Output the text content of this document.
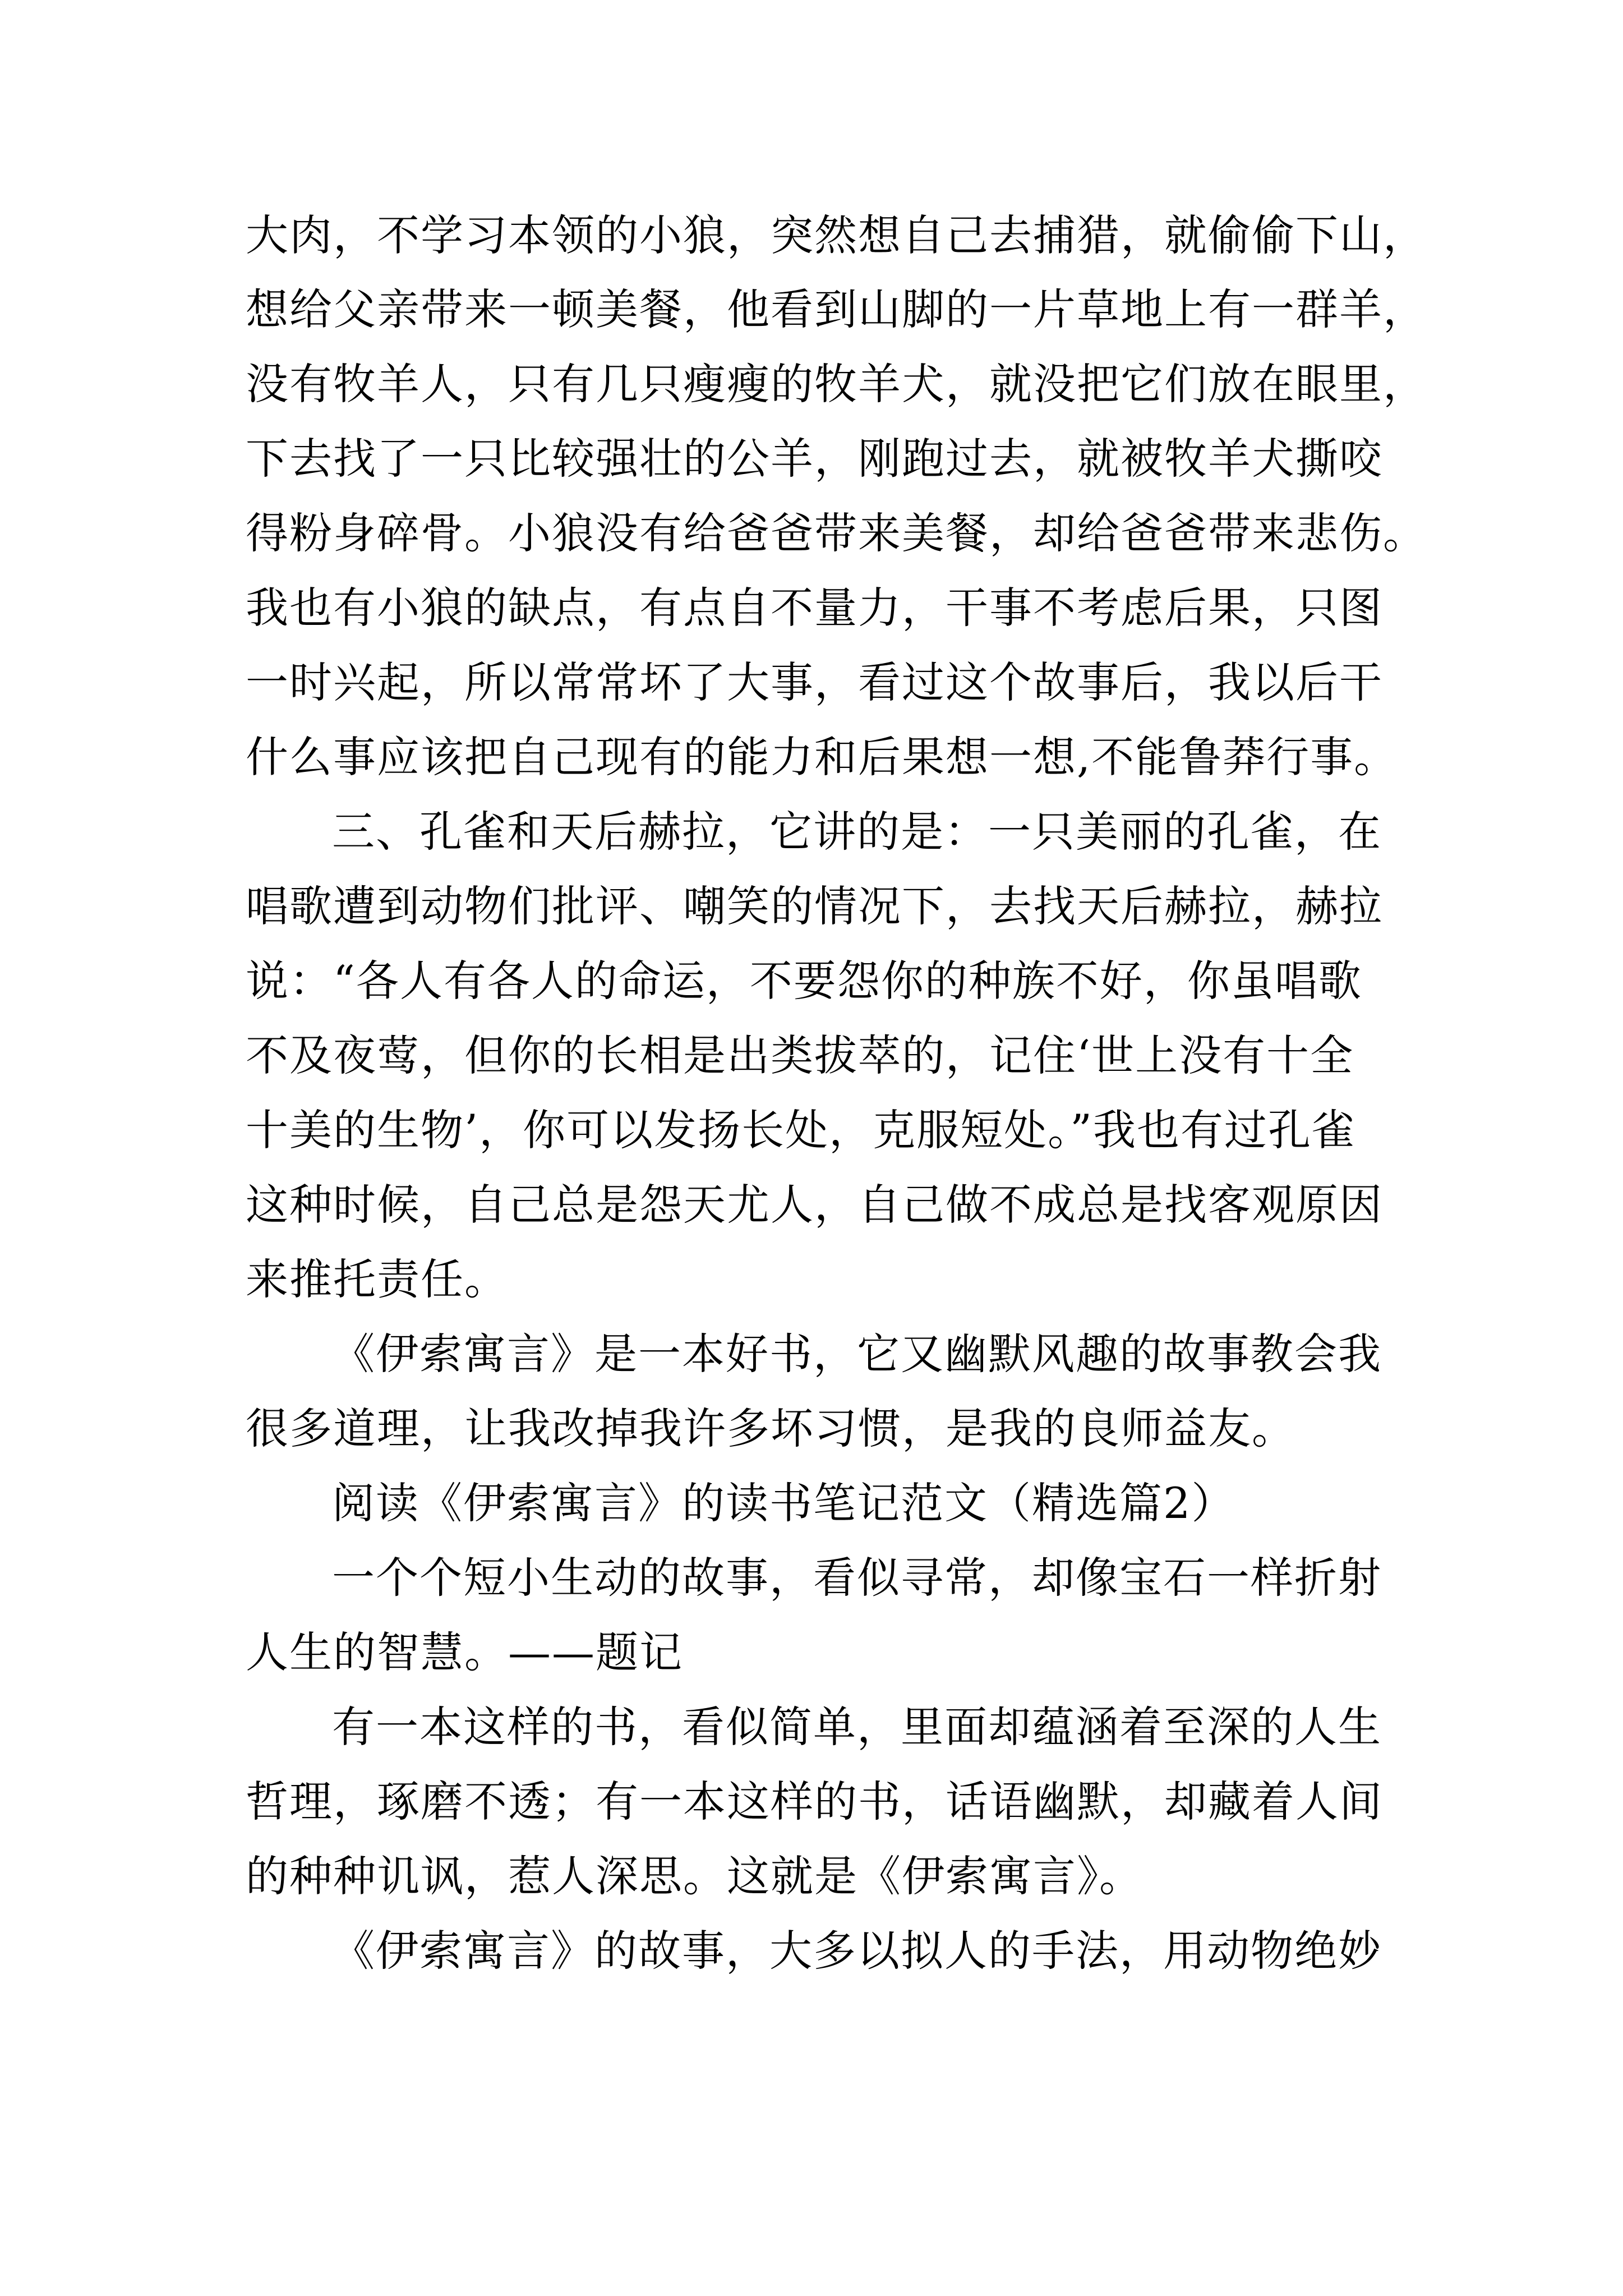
大肉，不学习本领的小狼，突然想自己去捕猎，就偷偷下山，
想给父亲带来一顿美餐，他看到山脚的一片草地上有一群羊，
没有牧羊人，只有几只瘦瘦的牧羊犬，就没把它们放在眼里，
下去找了一只比较强壮的公羊，刚跑过去，就被牧羊犬撕咬
得粉身碎骨。小狼没有给爸爸带来美餐，却给爸爸带来悲伤。
我也有小狼的缺点，有点自不量力，干事不考虑后果，只图
一时兴起，所以常常坏了大事，看过这个故事后，我以后干
什么事应该把自己现有的能力和后果想一想,不能鲁莽行事。
三、孔雀和天后赫拉，它讲的是：一只美丽的孔雀，在
唱歌遭到动物们批评、嘲笑的情况下，去找天后赫拉，赫拉
说：“各人有各人的命运，不要怨你的种族不好，你虽唱歌
不及夜莺，但你的长相是出类拔萃的，记住‘世上没有十全
十美的生物’，你可以发扬长处，克服短处。”我也有过孔雀
这种时候，自己总是怨天尤人，自己做不成总是找客观原因
来推托责任。
《伊索寓言》是一本好书，它又幽默风趣的故事教会我
很多道理，让我改掉我许多坏习惯，是我的良师益友。
阅读《伊索寓言》的读书笔记范文（精选篇2）
一个个短小生动的故事，看似寻常，却像宝石一样折射
人生的智慧。——题记
有一本这样的书，看似简单，里面却蕴涵着至深的人生
哲理，琢磨不透；有一本这样的书，话语幽默，却藏着人间
的种种讥讽，惹人深思。这就是《伊索寓言》。
《伊索寓言》的故事，大多以拟人的手法，用动物绝妙
